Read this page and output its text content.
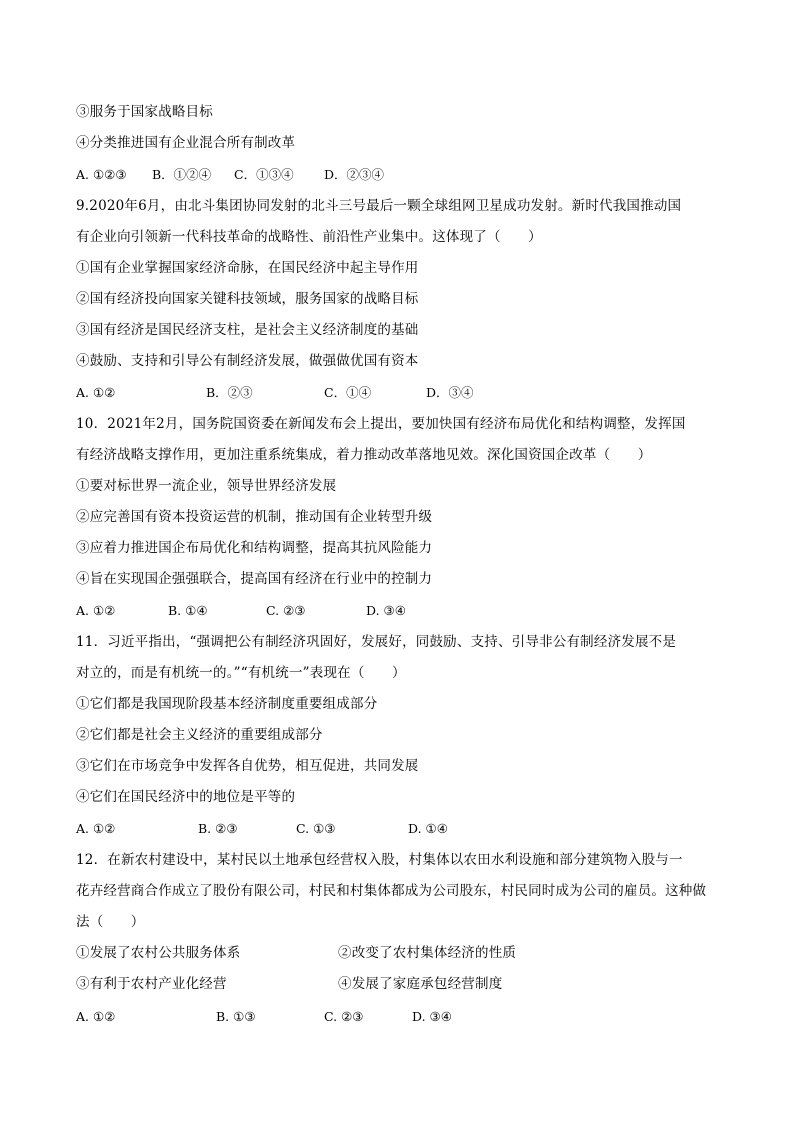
③服务于国家战略目标
④分类推进国有企业混合所有制改革
A. ①②③ B．①②④ C．①③④ D．②③④
9.2020年6月，由北斗集团协同发射的北斗三号最后一颗全球组网卫星成功发射。新时代我国推动国
有企业向引领新一代科技革命的战略性、前沿性产业集中。这体现了（　　）
①国有企业掌握国家经济命脉，在国民经济中起主导作用
②国有经济投向国家关键科技领域，服务国家的战略目标
③国有经济是国民经济支柱，是社会主义经济制度的基础
④鼓励、支持和引导公有制经济发展，做强做优国有资本
A. ①②	B．②③	C．①④	D．③④
10．2021年2月，国务院国资委在新闻发布会上提出，要加快国有经济布局优化和结构调整，发挥国
有经济战略支撑作用，更加注重系统集成，着力推动改革落地见效。深化国资国企改革（　　）
①要对标世界一流企业，领导世界经济发展
②应完善国有资本投资运营的机制，推动国有企业转型升级
③应着力推进国企布局优化和结构调整，提高其抗风险能力
④旨在实现国企强强联合，提高国有经济在行业中的控制力
A. ①②	B. ①④	C. ②③	D. ③④
11．习近平指出，“强调把公有制经济巩固好，发展好，同鼓励、支持、引导非公有制经济发展不是
对立的，而是有机统一的。”“有机统一”表现在（　　）
①它们都是我国现阶段基本经济制度重要组成部分
②它们都是社会主义经济的重要组成部分
③它们在市场竞争中发挥各自优势，相互促进，共同发展
④它们在国民经济中的地位是平等的
A. ①②	B. ②③	C. ①③	D. ①④
12．在新农村建设中，某村民以土地承包经营权入股，村集体以农田水利设施和部分建筑物入股与一
花卉经营商合作成立了股份有限公司，村民和村集体都成为公司股东，村民同时成为公司的雇员。这种做
法（　　）
①发展了农村公共服务体系	②改变了农村集体经济的性质
③有利于农村产业化经营	④发展了家庭承包经营制度
A. ①②	B. ①③	C. ②③	D. ③④
